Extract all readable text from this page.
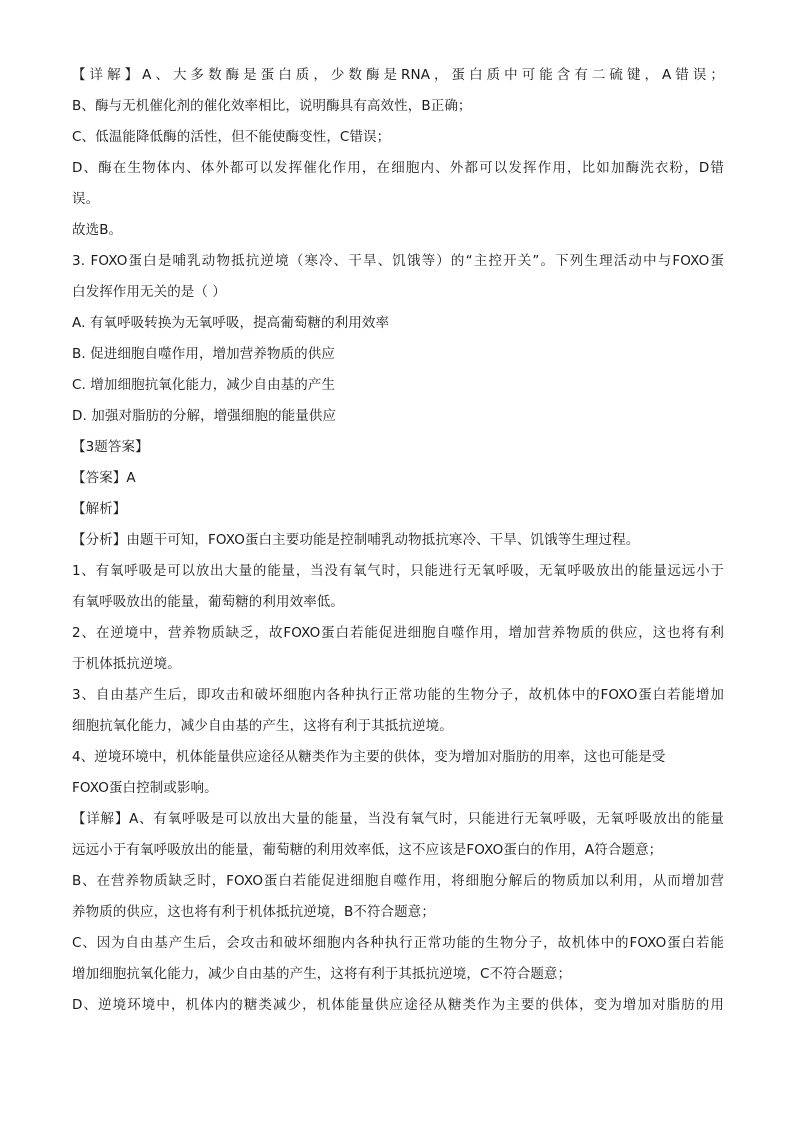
【详解】A、大多数酶是蛋白质，少数酶是RNA，蛋白质中可能含有二硫键，A错误；
B、酶与无机催化剂的催化效率相比，说明酶具有高效性，B正确；
C、低温能降低酶的活性，但不能使酶变性，C错误；
D、酶在生物体内、体外都可以发挥催化作用，在细胞内、外都可以发挥作用，比如加酶洗衣粉，D错
误。
故选B。
3. FOXO蛋白是哺乳动物抵抗逆境（寒冷、干旱、饥饿等）的“主控开关”。下列生理活动中与FOXO蛋
白发挥作用无关的是（ ）
A. 有氧呼吸转换为无氧呼吸，提高葡萄糖的利用效率
B. 促进细胞自噬作用，增加营养物质的供应
C. 增加细胞抗氧化能力，减少自由基的产生
D. 加强对脂肪的分解，增强细胞的能量供应
【3题答案】
【答案】A
【解析】
【分析】由题干可知，FOXO蛋白主要功能是控制哺乳动物抵抗寒冷、干旱、饥饿等生理过程。
1、有氧呼吸是可以放出大量的能量，当没有氧气时，只能进行无氧呼吸，无氧呼吸放出的能量远远小于
有氧呼吸放出的能量，葡萄糖的利用效率低。
2、在逆境中，营养物质缺乏，故FOXO蛋白若能促进细胞自噬作用，增加营养物质的供应，这也将有利
于机体抵抗逆境。
3、自由基产生后，即攻击和破坏细胞内各种执行正常功能的生物分子，故机体中的FOXO蛋白若能增加
细胞抗氧化能力，减少自由基的产生，这将有利于其抵抗逆境。
4、逆境环境中，机体能量供应途径从糖类作为主要的供体，变为增加对脂肪的用率，这也可能是受
FOXO蛋白控制或影响。
【详解】A、有氧呼吸是可以放出大量的能量，当没有氧气时，只能进行无氧呼吸，无氧呼吸放出的能量
远远小于有氧呼吸放出的能量，葡萄糖的利用效率低，这不应该是FOXO蛋白的作用，A符合题意；
B、在营养物质缺乏时，FOXO蛋白若能促进细胞自噬作用，将细胞分解后的物质加以利用，从而增加营
养物质的供应，这也将有利于机体抵抗逆境，B不符合题意；
C、因为自由基产生后，会攻击和破坏细胞内各种执行正常功能的生物分子，故机体中的FOXO蛋白若能
增加细胞抗氧化能力，减少自由基的产生，这将有利于其抵抗逆境，C不符合题意；
D、逆境环境中，机体内的糖类减少，机体能量供应途径从糖类作为主要的供体，变为增加对脂肪的用
